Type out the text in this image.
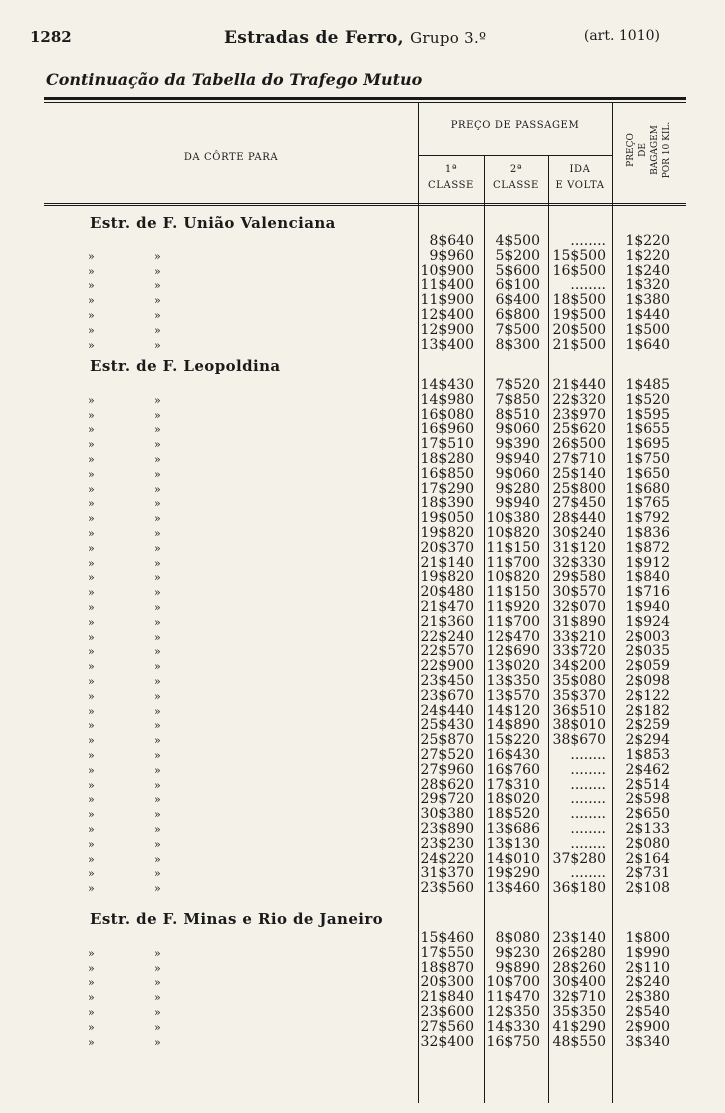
1282	Estradas de Ferro, Grupo 3.º	(art. 1010)
Continuação da Tabella do Trafego Mutuo
DA CÔRTE PARA
PREÇO DE PASSAGEM
1ª
CLASSE
2ª
CLASSE
IDA
E VOLTA
PREÇO DE BAGAGEM POR 10 KIL.
Estr. de F. União Valenciana
8$640	4$500	........	1$220
»	»	9$960	5$200 15$500	1$220
»	»	10$900	5$600 16$500	1$240
»	»	11$400	6$100	........	1$320
»	»	11$900	6$400 18$500	1$380
»	»	12$400	6$800 19$500	1$440
»	»	12$900	7$500 20$500	1$500
»	»	13$400	8$300 21$500	1$640
Estr. de F. Leopoldina
14$430	7$520 21$440	1$485
»	»	14$980	7$850 22$320	1$520
»	»	16$080	8$510 23$970	1$595
»	»	16$960	9$060 25$620	1$655
»	»	17$510	9$390 26$500	1$695
»	»	18$280	9$940 27$710	1$750
»	»	16$850	9$060 25$140	1$650
»	»	17$290	9$280 25$800	1$680
»	»	18$390	9$940 27$450	1$765
»	»	19$050 10$380 28$440	1$792
»	»	19$820 10$820 30$240	1$836
»	»	20$370 11$150 31$120	1$872
»	»	21$140 11$700 32$330	1$912
»	»	19$820 10$820 29$580	1$840
»	»	20$480 11$150 30$570	1$716
»	»	21$470 11$920 32$070	1$940
»	»	21$360 11$700 31$890	1$924
»	»	22$240 12$470 33$210	2$003
»	»	22$570 12$690 33$720	2$035
»	»	22$900 13$020 34$200	2$059
»	»	23$450 13$350 35$080	2$098
»	»	23$670 13$570 35$370	2$122
»	»	24$440 14$120 36$510	2$182
»	»	25$430 14$890 38$010	2$259
»	»	25$870 15$220 38$670	2$294
»	»	27$520 16$430	........	1$853
»	»	27$960 16$760	........	2$462
»	»	28$620 17$310	........	2$514
»	»	29$720 18$020	........	2$598
»	»	30$380 18$520	........	2$650
»	»	23$890 13$686	........	2$133
»	»	23$230 13$130	........	2$080
»	»	24$220 14$010 37$280	2$164
»	»	31$370 19$290	........	2$731
»	»	23$560 13$460 36$180	2$108
Estr. de F. Minas e Rio de Janeiro
15$460	8$080 23$140	1$800
»	»	17$550	9$230 26$280	1$990
»	»	18$870	9$890 28$260	2$110
»	»	20$300 10$700 30$400	2$240
»	»	21$840 11$470 32$710	2$380
»	»	23$600 12$350 35$350	2$540
»	»	27$560 14$330 41$290	2$900
»	»	32$400 16$750 48$550	3$340
